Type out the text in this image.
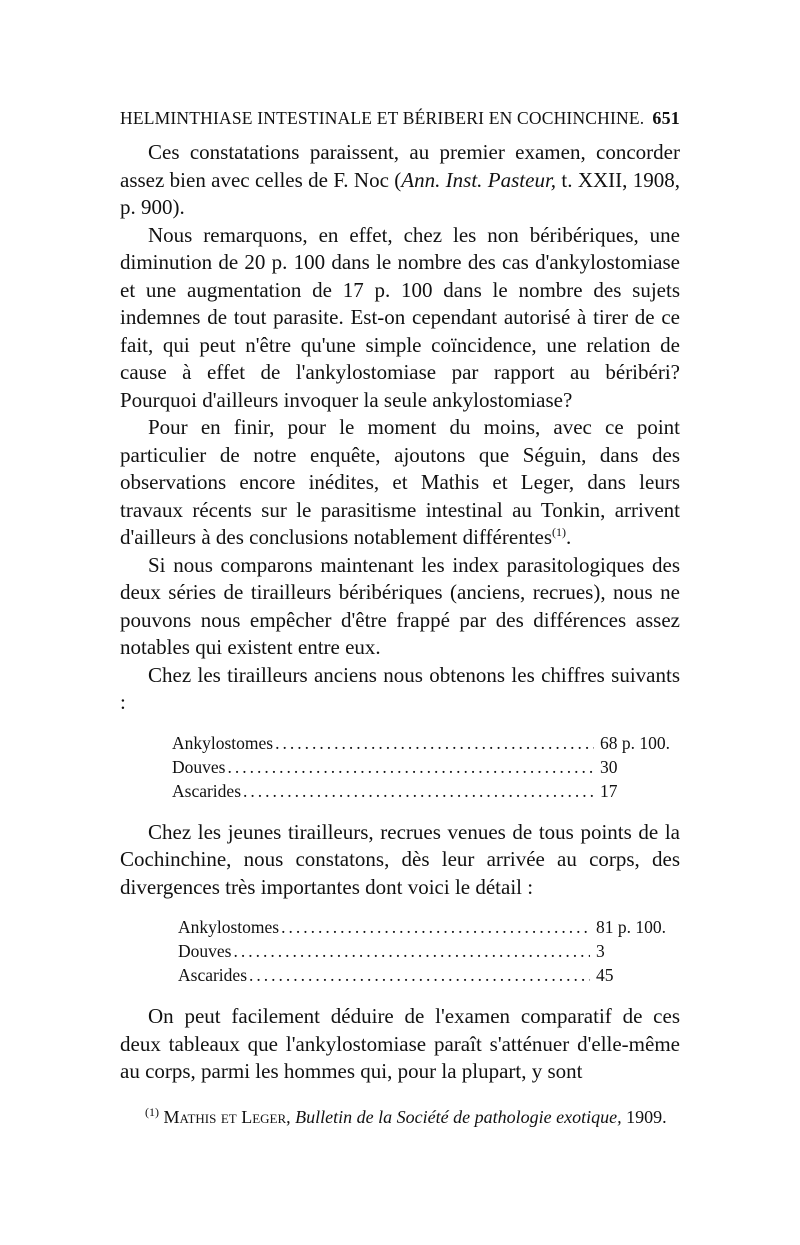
HELMINTHIASE INTESTINALE ET BÉRIBERI EN COCHINCHINE. 651

Ces constatations paraissent, au premier examen, concorder assez bien avec celles de F. Noc (Ann. Inst. Pasteur, t. XXII, 1908, p. 900).

Nous remarquons, en effet, chez les non béribériques, une diminution de 20 p. 100 dans le nombre des cas d'ankylostomiase et une augmentation de 17 p. 100 dans le nombre des sujets indemnes de tout parasite. Est-on cependant autorisé à tirer de ce fait, qui peut n'être qu'une simple coïncidence, une relation de cause à effet de l'ankylostomiase par rapport au béribéri? Pourquoi d'ailleurs invoquer la seule ankylostomiase?

Pour en finir, pour le moment du moins, avec ce point particulier de notre enquête, ajoutons que Séguin, dans des observations encore inédites, et Mathis et Leger, dans leurs travaux récents sur le parasitisme intestinal au Tonkin, arrivent d'ailleurs à des conclusions notablement différentes$^{(1)}$.

Si nous comparons maintenant les index parasitologiques des deux séries de tirailleurs béribériques (anciens, recrues), nous ne pouvons nous empêcher d'être frappé par des différences assez notables qui existent entre eux.

Chez les tirailleurs anciens nous obtenons les chiffres suivants :

Ankylostomes .....	68 p. 100.
Douves .....	30
Ascarides .....	17

Chez les jeunes tirailleurs, recrues venues de tous points de la Cochinchine, nous constatons, dès leur arrivée au corps, des divergences très importantes dont voici le détail :

Ankylostomes .....	81 p. 100.
Douves .....	3
Ascarides .....	45

On peut facilement déduire de l'examen comparatif de ces deux tableaux que l'ankylostomiase paraît s'atténuer d'elle-même au corps, parmi les hommes qui, pour la plupart, y sont

$^{(1)}$ Mathis et Leger, Bulletin de la Société de pathologie exotique, 1909.
